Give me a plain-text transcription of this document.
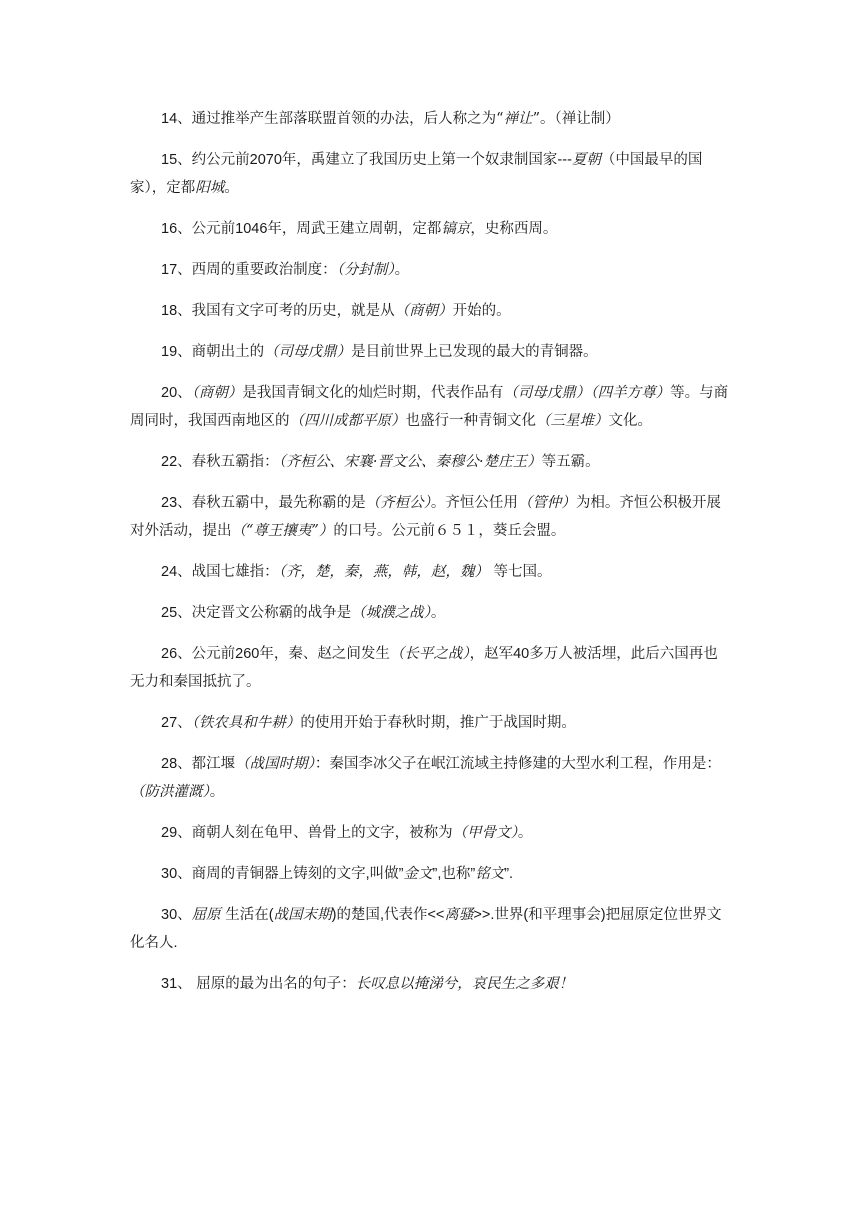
14、通过推举产生部落联盟首领的办法，后人称之为“禅让”。（禅让制）

15、约公元前2070年，禹建立了我国历史上第一个奴隶制国家---夏朝（中国最早的国家），定都阳城。

16、公元前1046年，周武王建立周朝，定都镐京，史称西周。

17、西周的重要政治制度：（分封制）。

18、我国有文字可考的历史，就是从（商朝）开始的。

19、商朝出土的（司母戊鼎）是目前世界上已发现的最大的青铜器。

20、（商朝）是我国青铜文化的灿烂时期，代表作品有（司母戊鼎）（四羊方尊）等。与商周同时，我国西南地区的（四川成都平原）也盛行一种青铜文化（三星堆）文化。

22、春秋五霸指：（齐桓公、宋襄·晋文公、秦穆公·楚庄王）等五霸。

23、春秋五霸中，最先称霸的是（齐桓公）。齐恒公任用（管仲）为相。齐恒公积极开展对外活动，提出（“尊王攘夷”）的口号。公元前６５１，葵丘会盟。

24、战国七雄指：（齐，楚，秦，燕，韩，赵，魏） 等七国。

25、决定晋文公称霸的战争是（城濮之战）。

26、公元前260年，秦、赵之间发生（长平之战），赵军40多万人被活埋，此后六国再也无力和秦国抵抗了。

27、（铁农具和牛耕）的使用开始于春秋时期，推广于战国时期。

28、都江堰（战国时期）：秦国李冰父子在岷江流域主持修建的大型水利工程，作用是：（防洪灌溉）。

29、商朝人刻在龟甲、兽骨上的文字，被称为（甲骨文）。

30、商周的青铜器上铸刻的文字,叫做”金文”,也称”铭文”.

30、屈原 生活在(战国末期)的楚国,代表作<<离骚>>.世界(和平理事会)把屈原定位世界文化名人.

31、 屈原的最为出名的句子：长叹息以掩涕兮，哀民生之多艰！
